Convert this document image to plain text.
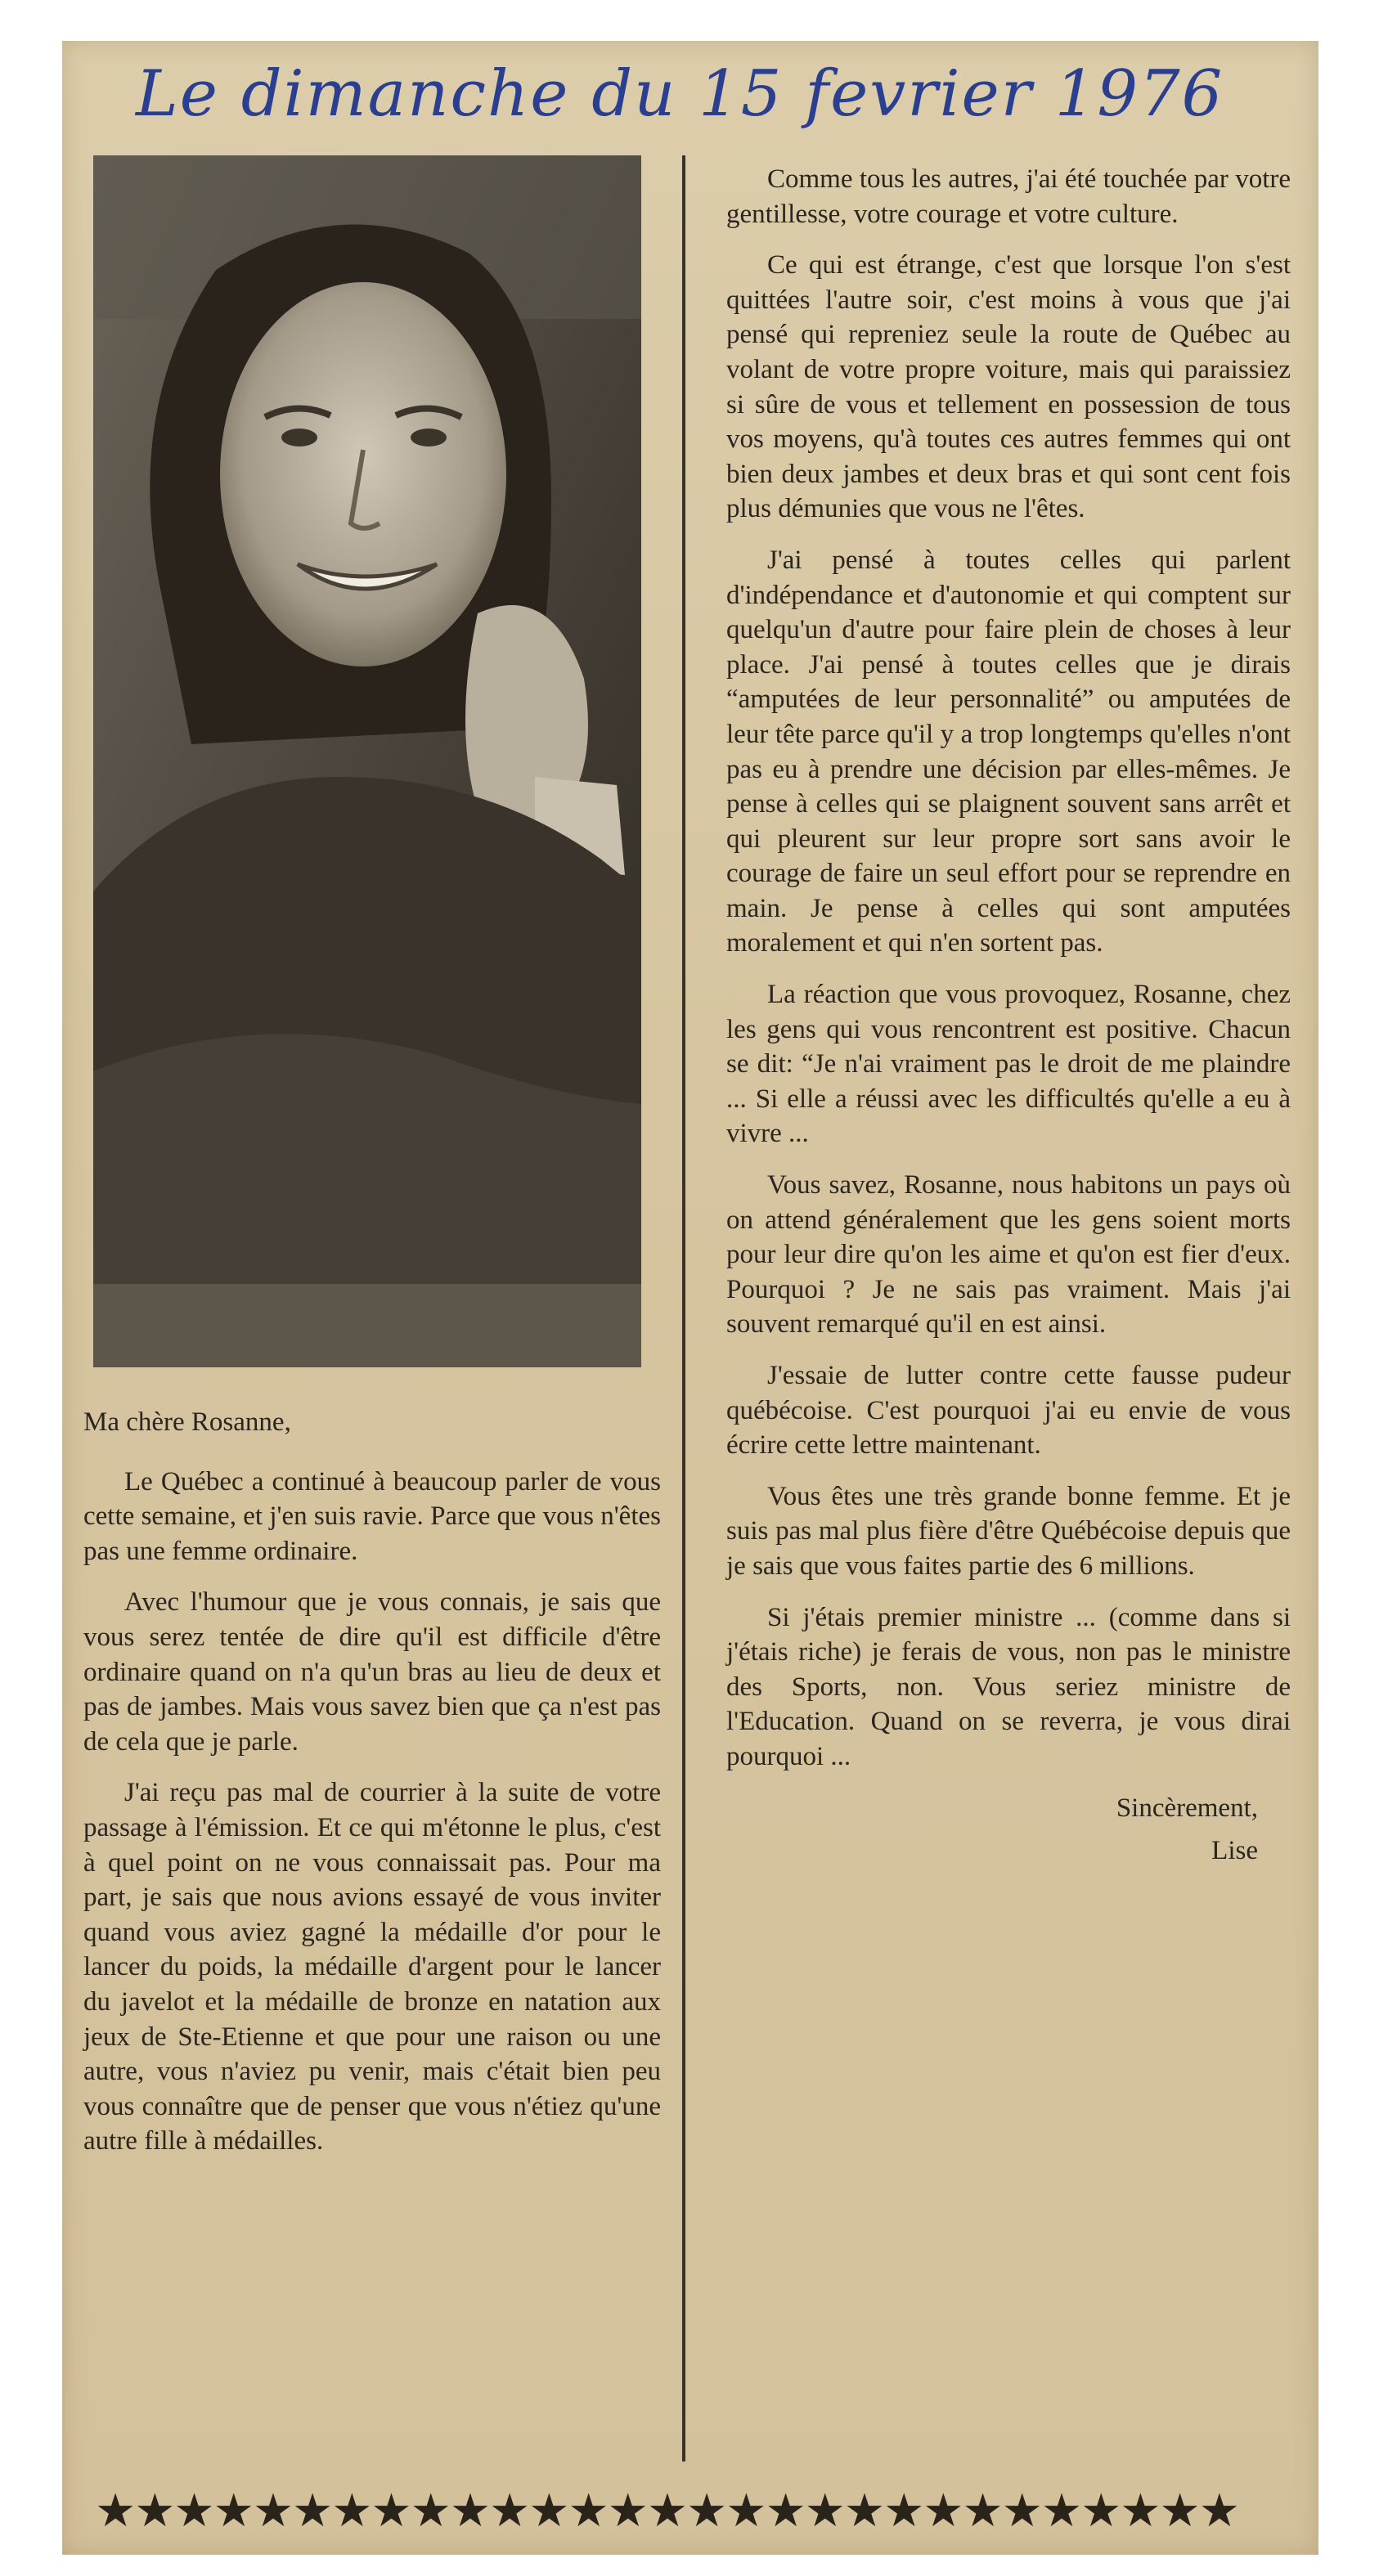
Le dimanche du 15 fevrier 1976

Ma chère Rosanne,

Le Québec a continué à beaucoup parler de vous cette semaine, et j'en suis ravie. Parce que vous n'êtes pas une femme ordinaire.

Avec l'humour que je vous connais, je sais que vous serez tentée de dire qu'il est difficile d'être ordinaire quand on n'a qu'un bras au lieu de deux et pas de jambes. Mais vous savez bien que ça n'est pas de cela que je parle.

J'ai reçu pas mal de courrier à la suite de votre passage à l'émission. Et ce qui m'étonne le plus, c'est à quel point on ne vous connaissait pas. Pour ma part, je sais que nous avions essayé de vous inviter quand vous aviez gagné la médaille d'or pour le lancer du poids, la médaille d'argent pour le lancer du javelot et la médaille de bronze en natation aux jeux de Ste-Etienne et que pour une raison ou une autre, vous n'aviez pu venir, mais c'était bien peu vous connaître que de penser que vous n'étiez qu'une autre fille à médailles.

Comme tous les autres, j'ai été touchée par votre gentillesse, votre courage et votre culture.

Ce qui est étrange, c'est que lorsque l'on s'est quittées l'autre soir, c'est moins à vous que j'ai pensé qui repreniez seule la route de Québec au volant de votre propre voiture, mais qui paraissiez si sûre de vous et tellement en possession de tous vos moyens, qu'à toutes ces autres femmes qui ont bien deux jambes et deux bras et qui sont cent fois plus démunies que vous ne l'êtes.

J'ai pensé à toutes celles qui parlent d'indépendance et d'autonomie et qui comptent sur quelqu'un d'autre pour faire plein de choses à leur place. J'ai pensé à toutes celles que je dirais “amputées de leur personnalité” ou amputées de leur tête parce qu'il y a trop longtemps qu'elles n'ont pas eu à prendre une décision par elles-mêmes. Je pense à celles qui se plaignent souvent sans arrêt et qui pleurent sur leur propre sort sans avoir le courage de faire un seul effort pour se reprendre en main. Je pense à celles qui sont amputées moralement et qui n'en sortent pas.

La réaction que vous provoquez, Rosanne, chez les gens qui vous rencontrent est positive. Chacun se dit: “Je n'ai vraiment pas le droit de me plaindre ... Si elle a réussi avec les difficultés qu'elle a eu à vivre ...

Vous savez, Rosanne, nous habitons un pays où on attend généralement que les gens soient morts pour leur dire qu'on les aime et qu'on est fier d'eux. Pourquoi ? Je ne sais pas vraiment. Mais j'ai souvent remarqué qu'il en est ainsi.

J'essaie de lutter contre cette fausse pudeur québécoise. C'est pourquoi j'ai eu envie de vous écrire cette lettre maintenant.

Vous êtes une très grande bonne femme. Et je suis pas mal plus fière d'être Québécoise depuis que je sais que vous faites partie des 6 millions.

Si j'étais premier ministre ... (comme dans si j'étais riche) je ferais de vous, non pas le ministre des Sports, non. Vous seriez ministre de l'Education. Quand on se reverra, je vous dirai pourquoi ...

Sincèrement,

Lise

★★★★★★★★★★★★★★★★★★★★★★★★★★★★★
